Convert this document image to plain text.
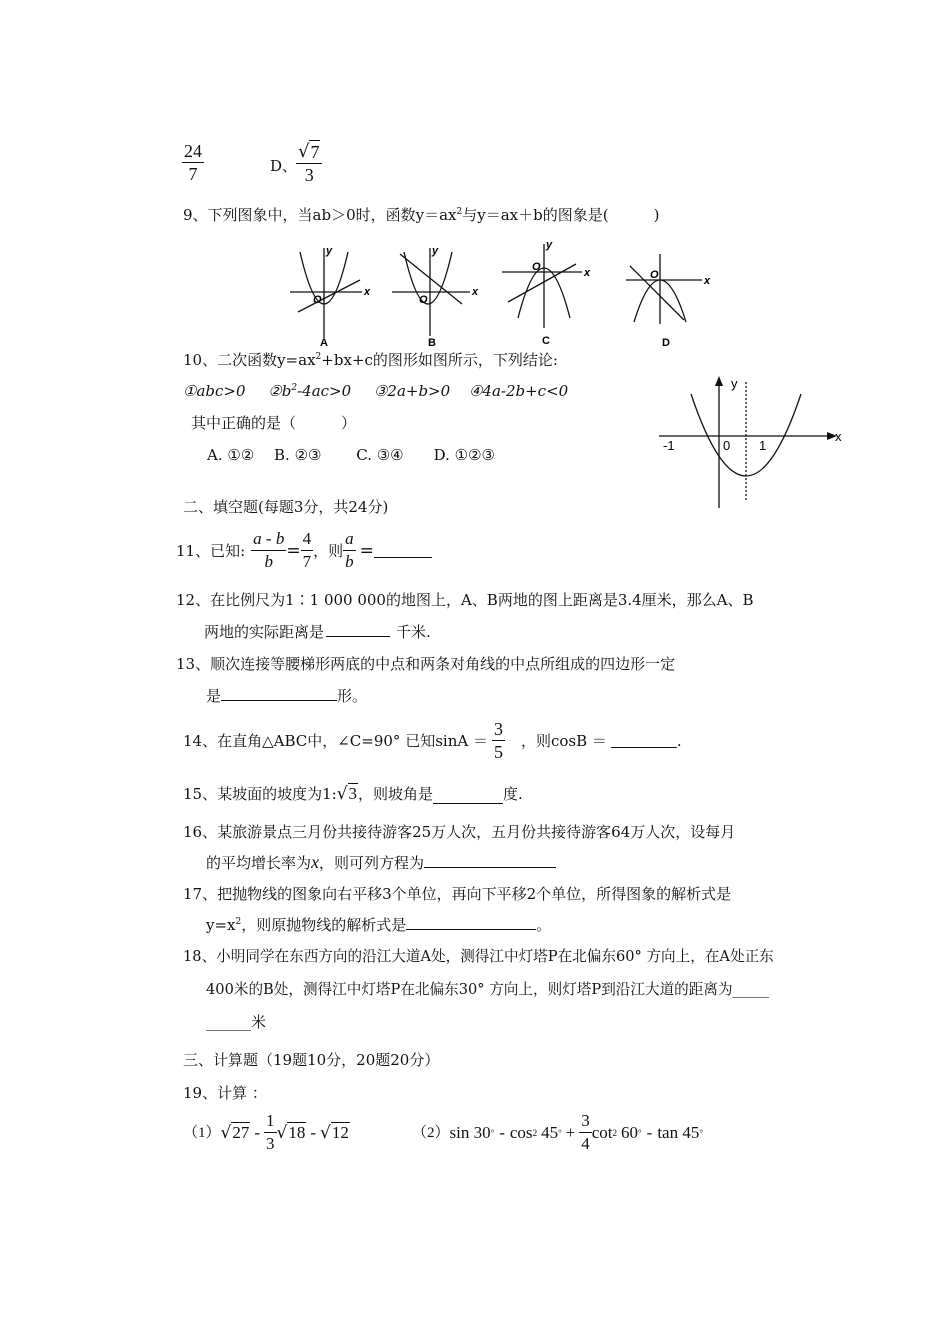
$\frac{24}{7}$	D、
$\frac{√ 7}{3}$
9、下列图象中，当ab＞0时，函数$y=ax^2$与y＝ax＋b的图象是(　　　)
x
y
O
x
y
O
x
y
O
x
O
A	B	C	D
10、二次函数$y=ax^2+bx+c$的图形如图所示，下列结论:
①abc>0 $②b^2-4ac>0$ ③2a+b>0 ④4a-2b+c<0
其中正确的是（　　　）
A. ①②　 B. ②③　　 C. ③④　　D. ①②③
y
x
-1	0 1
二、填空题(每题3分，共24分)
11、已知: $\frac{a - b}{b} = \frac{4}{7}$ ，则 $\frac{a}{b}$ =
12、在比例尺为1∶1 000 000的地图上，A、B两地的图上距离是3.4厘米，那么A、B
两地的实际距离是	千米.
13、顺次连接等腰梯形两底的中点和两条对角线的中点所组成的四边形一定
是	形。
14、在直角△ABC中，∠C=90° 已知$\sin A = \frac{3}{5}$ ，则cosB ＝	.
15、某坡面的坡度为1: √ 3 ，则坡角是	度.
16、某旅游景点三月份共接待游客25万人次，五月份共接待游客64万人次，设每月
的平均增长率为x，则可列方程为
17、把抛物线的图象向右平移3个单位，再向下平移2个单位，所得图象的解析式是
$y=x^2$，则原抛物线的解析式是	。
18、小明同学在东西方向的沿江大道A处，测得江中灯塔P在北偏东60° 方向上，在A处正东
400米的B处，测得江中灯塔P在北偏东30° 方向上，则灯塔P到沿江大道的距离为_____
______米
三、计算题（19题10分，20题20分）
19、计算 ：
（1） √ $27 - \frac{1}{3}$ √ 18 - √ 12	（2） sin 30 ° - cos 2 45 ° + $\frac{3}{4}$ cot 2 60 ° - tan 45 °
